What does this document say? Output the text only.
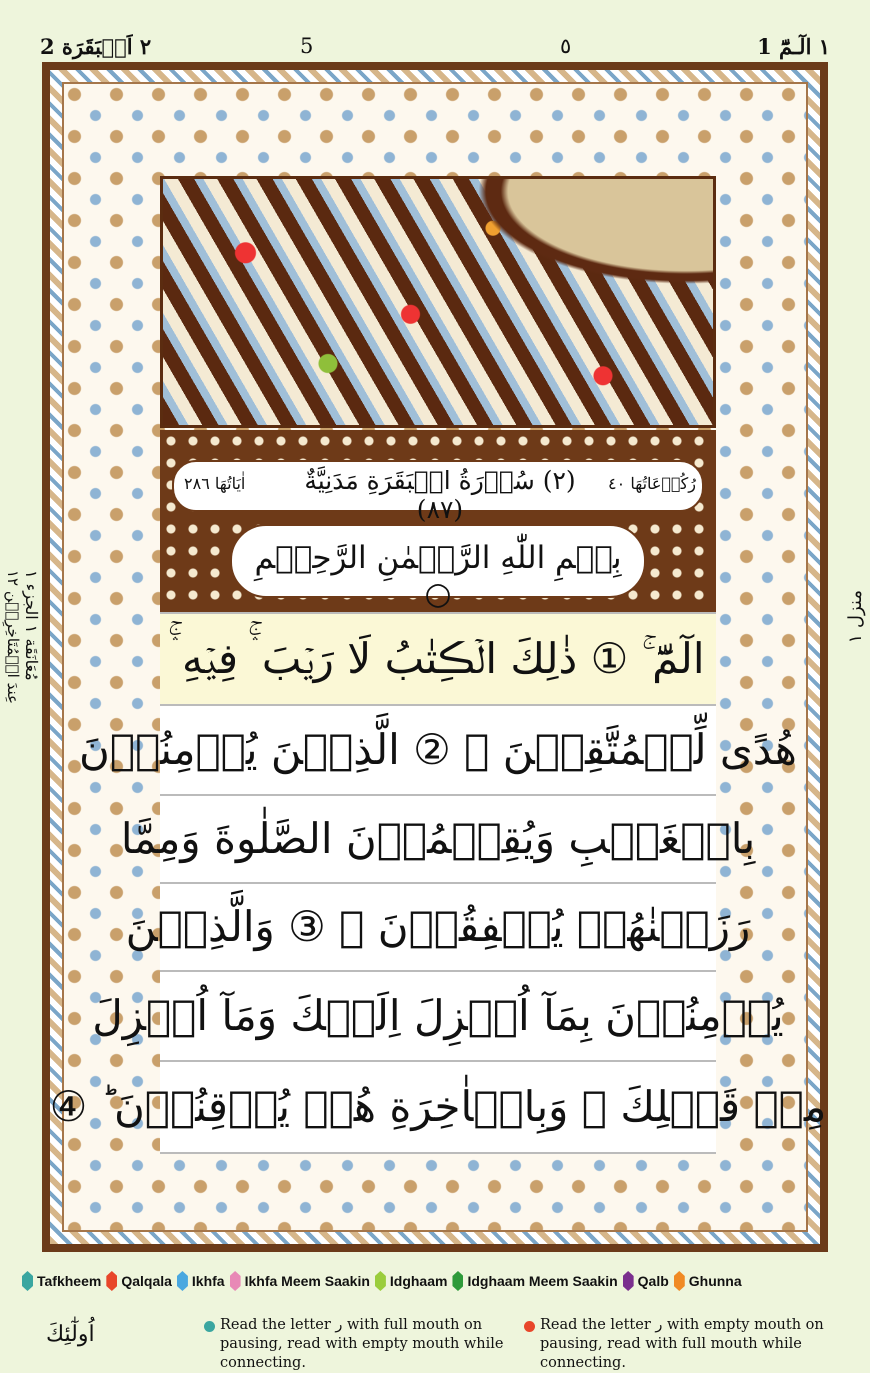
٢ اَلۡبَقَرَة 2	5	٥	١ الٓـمّٓ 1
اٰیَاتُهَا ٢٨٦	(٢) سُوۡرَةُ الۡبَقَرَةِ مَدَنِيَّةٌ (٨٧)
رُکُوۡعَاتُهَا ٤٠
بِسۡمِ اللّٰهِ الرَّحۡمٰنِ الرَّحِيۡمِ ○
الٓمّٓ ۚ ① ذٰلِكَ الۡڪِتٰبُ لَا رَيۡبَ ۛۚ فِيۡهِ ۛۚ
هُدًى لِّلۡمُتَّقِيۡنَ ۙ ② الَّذِيۡنَ يُؤۡمِنُوۡنَ
بِالۡغَيۡبِ وَيُقِيۡمُوۡنَ الصَّلٰوةَ وَمِمَّا
رَزَقۡنٰهُمۡ يُنۡفِقُوۡنَ ۙ ③ وَالَّذِيۡنَ
يُؤۡمِنُوۡنَ بِمَآ اُنۡزِلَ اِلَيۡكَ وَمَآ اُنۡزِلَ
مِنۡ قَبۡلِكَ ۚ وَبِالۡاٰخِرَةِ هُمۡ يُوۡقِنُوۡنَ ؕ ④
منزل ١
مُعَانَقَة ١ الجزء ١
عِندَ الۡمُتَاخِرِيۡن ١٢
Tafkheem Qalqala Ikhfa Ikhfa Meem Saakin Idghaam Idghaam Meem Saakin Qalb Ghunna
Read the letter ر with full mouth on pausing, read with empty mouth while connecting.
Read the letter ر with empty mouth on pausing, read with full mouth while connecting.
اُولٰٓئِكَ
